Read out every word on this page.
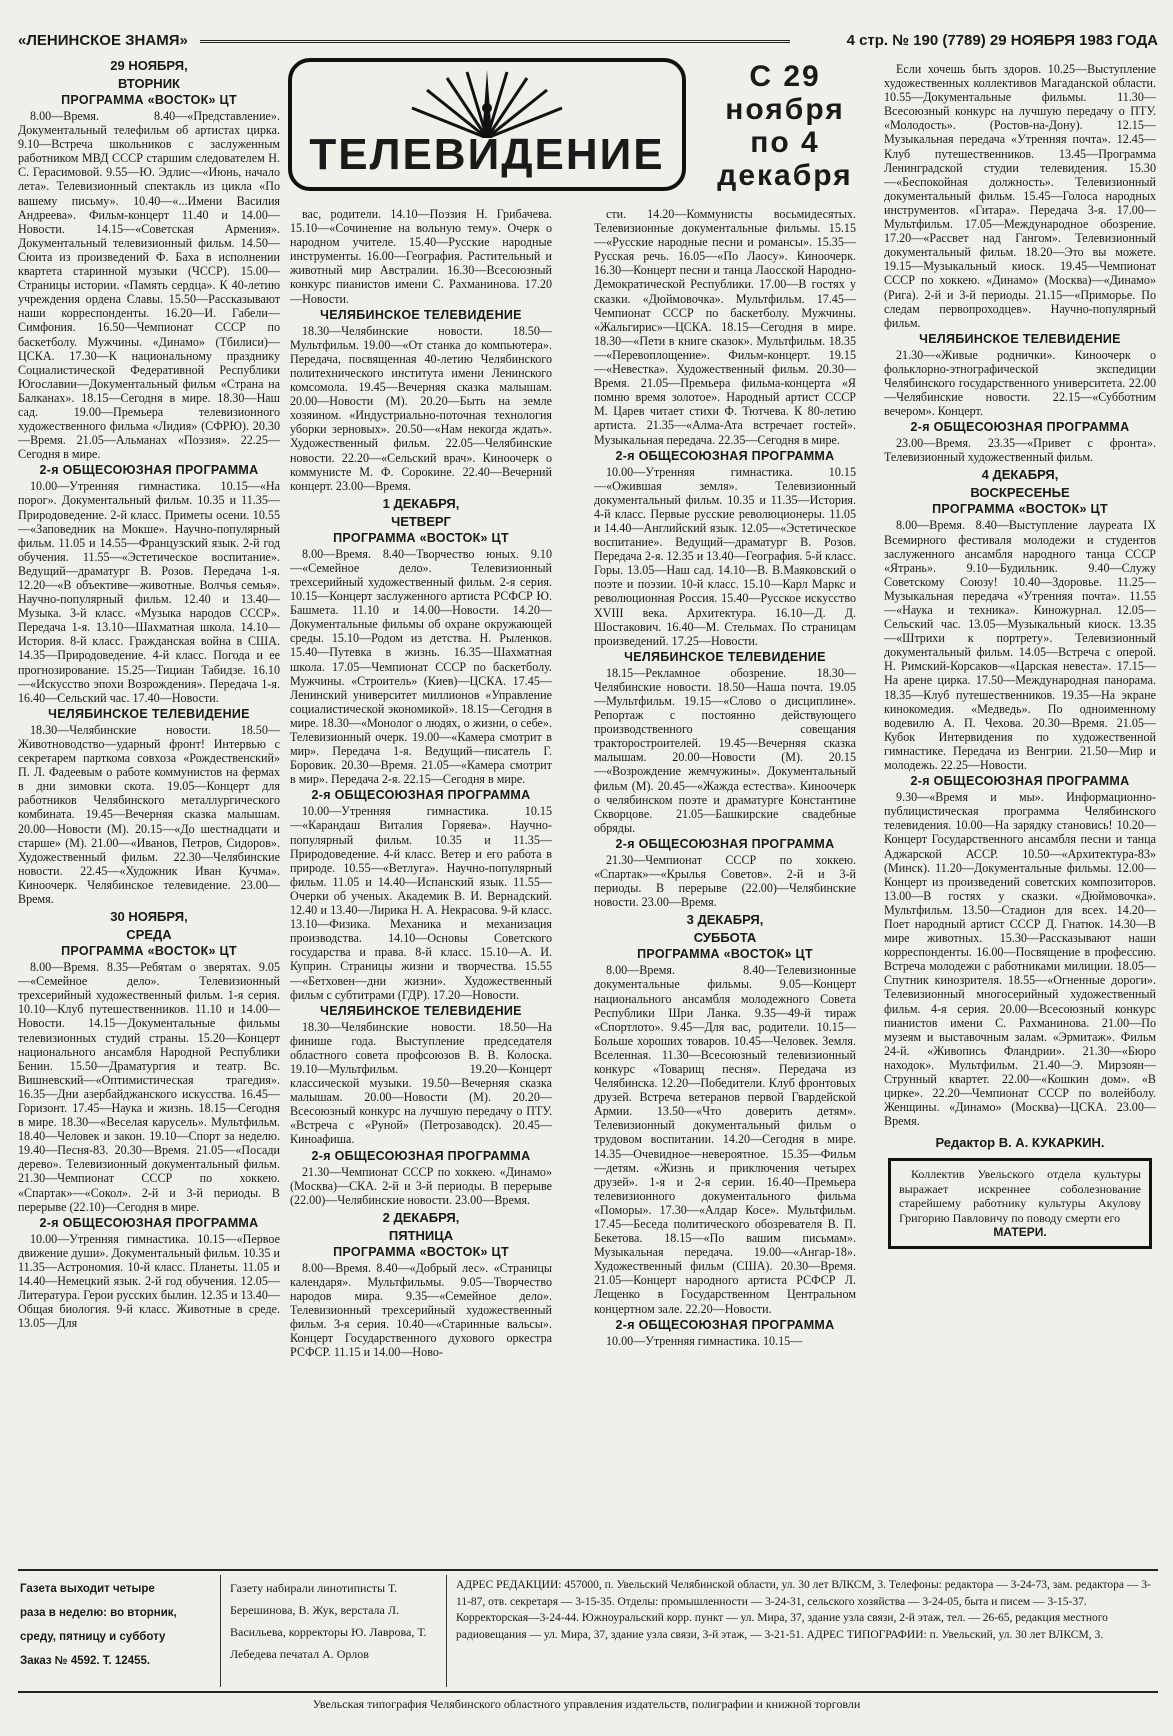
«ЛЕНИНСКОЕ ЗНАМЯ»	4 стр. № 190 (7789) 29 НОЯБРЯ 1983 ГОДА
ТЕЛЕВИДЕНИЕ
С 29
ноября
по 4
декабря
29 НОЯБРЯ,
ВТОРНИК
ПРОГРАММА «ВОСТОК» ЦТ

8.00—Время. 8.40—«Представление». Документальный телефильм об артистах цирка. 9.10—Встреча школьников с заслуженным работником МВД СССР старшим следователем Н. С. Герасимовой. 9.55—Ю. Эдлис—«Июнь, начало лета». Телевизионный спектакль из цикла «По вашему письму». 10.40—«...Имени Василия Андреева». Фильм-концерт 11.40 и 14.00—Новости. 14.15—«Советская Армения». Документальный телевизионный фильм. 14.50—Сюита из произведений Ф. Баха в исполнении квартета старинной музыки (ЧССР). 15.00—Страницы истории. «Память сердца». К 40-летию учреждения ордена Славы. 15.50—Рассказывают наши корреспонденты. 16.20—И. Габели—Симфония. 16.50—Чемпионат СССР по баскетболу. Мужчины. «Динамо» (Тбилиси)—ЦСКА. 17.30—К национальному празднику Социалистической Федеративной Республики Югославии—Документальный фильм «Страна на Балканах». 18.15—Сегодня в мире. 18.30—Наш сад. 19.00—Премьера телевизионного художественного фильма «Лидия» (СФРЮ). 20.30—Время. 21.05—Альманах «Поэзия». 22.25—Сегодня в мире.

2-я ОБЩЕСОЮЗНАЯ ПРОГРАММА

10.00—Утренняя гимнастика. 10.15—«На порог». Документальный фильм. 10.35 и 11.35—Природоведение. 2-й класс. Приметы осени. 10.55—«Заповедник на Мокше». Научно-популярный фильм. 11.05 и 14.55—Французский язык. 2-й год обучения. 11.55—«Эстетическое воспитание». Ведущий—драматург В. Розов. Передача 1-я. 12.20—«В объективе—животные. Волчья семья». Научно-популярный фильм. 12.40 и 13.40—Музыка. 3-й класс. «Музыка народов СССР». Передача 1-я. 13.10—Шахматная школа. 14.10—История. 8-й класс. Гражданская война в США. 14.35—Природоведение. 4-й класс. Погода и ее прогнозирование. 15.25—Тициан Табидзе. 16.10—«Искусство эпохи Возрождения». Передача 1-я. 16.40—Сельский час. 17.40—Новости.

ЧЕЛЯБИНСКОЕ ТЕЛЕВИДЕНИЕ

18.30—Челябинские новости. 18.50—Животноводство—ударный фронт! Интервью с секретарем парткома совхоза «Рождественский» П. Л. Фадеевым о работе коммунистов на фермах в дни зимовки скота. 19.05—Концерт для работников Челябинского металлургического комбината. 19.45—Вечерняя сказка малышам. 20.00—Новости (М). 20.15—«До шестнадцати и старше» (М). 21.00—«Иванов, Петров, Сидоров». Художественный фильм. 22.30—Челябинские новости. 22.45—«Художник Иван Кучма». Киноочерк. Челябинское телевидение. 23.00—Время.

30 НОЯБРЯ,
СРЕДА
ПРОГРАММА «ВОСТОК» ЦТ

8.00—Время. 8.35—Ребятам о зверятах. 9.05—«Семейное дело». Телевизионный трехсерийный художественный фильм. 1-я серия. 10.10—Клуб путешественников. 11.10 и 14.00—Новости. 14.15—Документальные фильмы телевизионных студий страны. 15.20—Концерт национального ансамбля Народной Республики Бенин. 15.50—Драматургия и театр. Вс. Вишневский—«Оптимистическая трагедия». 16.35—Дни азербайджанского искусства. 16.45—Горизонт. 17.45—Наука и жизнь. 18.15—Сегодня в мире. 18.30—«Веселая карусель». Мультфильм. 18.40—Человек и закон. 19.10—Спорт за неделю. 19.40—Песня-83. 20.30—Время. 21.05—«Посади дерево». Телевизионный документальный фильм. 21.30—Чемпионат СССР по хоккею. «Спартак»—«Сокол». 2-й и 3-й периоды. В перерыве (22.10)—Сегодня в мире.

2-я ОБЩЕСОЮЗНАЯ ПРОГРАММА

10.00—Утренняя гимнастика. 10.15—«Первое движение души». Документальный фильм. 10.35 и 11.35—Астрономия. 10-й класс. Планеты. 11.05 и 14.40—Немецкий язык. 2-й год обучения. 12.05—Литература. Герои русских былин. 12.35 и 13.40—Общая биология. 9-й класс. Животные в среде. 13.05—Для

вас, родители. 14.10—Поэзия Н. Грибачева. 15.10—«Сочинение на вольную тему». Очерк о народном учителе. 15.40—Русские народные инструменты. 16.00—География. Растительный и животный мир Австралии. 16.30—Всесоюзный конкурс пианистов имени С. Рахманинова. 17.20—Новости.

ЧЕЛЯБИНСКОЕ ТЕЛЕВИДЕНИЕ

18.30—Челябинские новости. 18.50—Мультфильм. 19.00—«От станка до компьютера». Передача, посвященная 40-летию Челябинского политехнического института имени Ленинского комсомола. 19.45—Вечерняя сказка малышам. 20.00—Новости (М). 20.20—Быть на земле хозяином. «Индустриально-поточная технология уборки зерновых». 20.50—«Нам некогда ждать». Художественный фильм. 22.05—Челябинские новости. 22.20—«Сельский врач». Киноочерк о коммунисте М. Ф. Сорокине. 22.40—Вечерний концерт. 23.00—Время.

1 ДЕКАБРЯ,
ЧЕТВЕРГ
ПРОГРАММА «ВОСТОК» ЦТ

8.00—Время. 8.40—Творчество юных. 9.10—«Семейное дело». Телевизионный трехсерийный художественный фильм. 2-я серия. 10.15—Концерт заслуженного артиста РСФСР Ю. Башмета. 11.10 и 14.00—Новости. 14.20—Документальные фильмы об охране окружающей среды. 15.10—Родом из детства. Н. Рыленков. 15.40—Путевка в жизнь. 16.35—Шахматная школа. 17.05—Чемпионат СССР по баскетболу. Мужчины. «Строитель» (Киев)—ЦСКА. 17.45—Ленинский университет миллионов «Управление социалистической экономикой». 18.15—Сегодня в мире. 18.30—«Монолог о людях, о жизни, о себе». Телевизионный очерк. 19.00—«Камера смотрит в мир». Передача 1-я. Ведущий—писатель Г. Боровик. 20.30—Время. 21.05—«Камера смотрит в мир». Передача 2-я. 22.15—Сегодня в мире.

2-я ОБЩЕСОЮЗНАЯ ПРОГРАММА

10.00—Утренняя гимнастика. 10.15—«Карандаш Виталия Горяева». Научно-популярный фильм. 10.35 и 11.35—Природоведение. 4-й класс. Ветер и его работа в природе. 10.55—«Ветлуга». Научно-популярный фильм. 11.05 и 14.40—Испанский язык. 11.55—Очерки об ученых. Академик В. И. Вернадский. 12.40 и 13.40—Лирика Н. А. Некрасова. 9-й класс. 13.10—Физика. Механика и механизация производства. 14.10—Основы Советского государства и права. 8-й класс. 15.10—А. И. Куприн. Страницы жизни и творчества. 15.55—«Бетховен—дни жизни». Художественный фильм с субтитрами (ГДР). 17.20—Новости.

ЧЕЛЯБИНСКОЕ ТЕЛЕВИДЕНИЕ

18.30—Челябинские новости. 18.50—На финише года. Выступление председателя областного совета профсоюзов В. В. Колоска. 19.10—Мультфильм. 19.20—Концерт классической музыки. 19.50—Вечерняя сказка малышам. 20.00—Новости (М). 20.20—Всесоюзный конкурс на лучшую передачу о ПТУ. «Встреча с «Руной» (Петрозаводск). 20.45—Киноафиша.

2-я ОБЩЕСОЮЗНАЯ ПРОГРАММА

21.30—Чемпионат СССР по хоккею. «Динамо» (Москва)—СКА. 2-й и 3-й периоды. В перерыве (22.00)—Челябинские новости. 23.00—Время.

2 ДЕКАБРЯ,
ПЯТНИЦА
ПРОГРАММА «ВОСТОК» ЦТ

8.00—Время. 8.40—«Добрый лес». «Страницы календаря». Мультфильмы. 9.05—Творчество народов мира. 9.35—«Семейное дело». Телевизионный трехсерийный художественный фильм. 3-я серия. 10.40—«Старинные вальсы». Концерт Государственного духового оркестра РСФСР. 11.15 и 14.00—Ново-

сти. 14.20—Коммунисты восьмидесятых. Телевизионные документальные фильмы. 15.15—«Русские народные песни и романсы». 15.35—Русская речь. 16.05—«По Лаосу». Киноочерк. 16.30—Концерт песни и танца Лаосской Народно-Демократической Республики. 17.00—В гостях у сказки. «Дюймовочка». Мультфильм. 17.45—Чемпионат СССР по баскетболу. Мужчины. «Жальгирис»—ЦСКА. 18.15—Сегодня в мире. 18.30—«Пети в книге сказок». Мультфильм. 18.35—«Перевоплощение». Фильм-концерт. 19.15—«Невестка». Художественный фильм. 20.30—Время. 21.05—Премьера фильма-концерта «Я помню время золотое». Народный артист СССР М. Царев читает стихи Ф. Тютчева. К 80-летию артиста. 21.35—«Алма-Ата встречает гостей». Музыкальная передача. 22.35—Сегодня в мире.

2-я ОБЩЕСОЮЗНАЯ ПРОГРАММА

10.00—Утренняя гимнастика. 10.15—«Ожившая земля». Телевизионный документальный фильм. 10.35 и 11.35—История. 4-й класс. Первые русские революционеры. 11.05 и 14.40—Английский язык. 12.05—«Эстетическое воспитание». Ведущий—драматург В. Розов. Передача 2-я. 12.35 и 13.40—География. 5-й класс. Горы. 13.05—Наш сад. 14.10—В. В.Маяковский о поэте и поэзии. 10-й класс. 15.10—Карл Маркс и революционная Россия. 15.40—Русское искусство XVIII века. Архитектура. 16.10—Д. Д. Шостакович. 16.40—М. Стельмах. По страницам произведений. 17.25—Новости.

ЧЕЛЯБИНСКОЕ ТЕЛЕВИДЕНИЕ

18.15—Рекламное обозрение. 18.30—Челябинские новости. 18.50—Наша почта. 19.05—Мультфильм. 19.15—«Слово о дисциплине». Репортаж с постоянно действующего производственного совещания тракторостроителей. 19.45—Вечерняя сказка малышам. 20.00—Новости (М). 20.15—«Возрождение жемчужины». Документальный фильм (М). 20.45—«Жажда естества». Киноочерк о челябинском поэте и драматурге Константине Скворцове. 21.05—Башкирские свадебные обряды.

2-я ОБЩЕСОЮЗНАЯ ПРОГРАММА

21.30—Чемпионат СССР по хоккею. «Спартак»—«Крылья Советов». 2-й и 3-й периоды. В перерыве (22.00)—Челябинские новости. 23.00—Время.

3 ДЕКАБРЯ,
СУББОТА
ПРОГРАММА «ВОСТОК» ЦТ

8.00—Время. 8.40—Телевизионные документальные фильмы. 9.05—Концерт национального ансамбля молодежного Совета Республики Шри Ланка. 9.35—49-й тираж «Спортлото». 9.45—Для вас, родители. 10.15—Больше хороших товаров. 10.45—Человек. Земля. Вселенная. 11.30—Всесоюзный телевизионный конкурс «Товарищ песня». Передача из Челябинска. 12.20—Победители. Клуб фронтовых друзей. Встреча ветеранов первой Гвардейской Армии. 13.50—«Что доверить детям». Телевизионный документальный фильм о трудовом воспитании. 14.20—Сегодня в мире. 14.35—Очевидное—невероятное. 15.35—Фильм—детям. «Жизнь и приключения четырех друзей». 1-я и 2-я серии. 16.40—Премьера телевизионного документального фильма «Поморы». 17.30—«Алдар Косе». Мультфильм. 17.45—Беседа политического обозревателя В. П. Бекетова. 18.15—«По вашим письмам». Музыкальная передача. 19.00—«Ангар-18». Художественный фильм (США). 20.30—Время. 21.05—Концерт народного артиста РСФСР Л. Лещенко в Государственном Центральном концертном зале. 22.20—Новости.

2-я ОБЩЕСОЮЗНАЯ ПРОГРАММА

10.00—Утренняя гимнастика. 10.15—

Если хочешь быть здоров. 10.25—Выступление художественных коллективов Магаданской области. 10.55—Документальные фильмы. 11.30—Всесоюзный конкурс на лучшую передачу о ПТУ. «Молодость». (Ростов-на-Дону). 12.15—Музыкальная передача «Утренняя почта». 12.45—Клуб путешественников. 13.45—Программа Ленинградской студии телевидения. 15.30—«Беспокойная должность». Телевизионный документальный фильм. 15.45—Голоса народных инструментов. «Гитара». Передача 3-я. 17.00—Мультфильм. 17.05—Международное обозрение. 17.20—«Рассвет над Гангом». Телевизионный документальный фильм. 18.20—Это вы можете. 19.15—Музыкальный киоск. 19.45—Чемпионат СССР по хоккею. «Динамо» (Москва)—«Динамо» (Рига). 2-й и 3-й периоды. 21.15—«Приморье. По следам первопроходцев». Научно-популярный фильм.

ЧЕЛЯБИНСКОЕ ТЕЛЕВИДЕНИЕ

21.30—«Живые роднички». Киноочерк о фольклорно-этнографической экспедиции Челябинского государственного университета. 22.00—Челябинские новости. 22.15—«Субботним вечером». Концерт.

2-я ОБЩЕСОЮЗНАЯ ПРОГРАММА

23.00—Время. 23.35—«Привет с фронта». Телевизионный художественный фильм.

4 ДЕКАБРЯ,
ВОСКРЕСЕНЬЕ
ПРОГРАММА «ВОСТОК» ЦТ

8.00—Время. 8.40—Выступление лауреата IX Всемирного фестиваля молодежи и студентов заслуженного ансамбля народного танца СССР «Ятрань». 9.10—Будильник. 9.40—Служу Советскому Союзу! 10.40—Здоровье. 11.25—Музыкальная передача «Утренняя почта». 11.55—«Наука и техника». Киножурнал. 12.05—Сельский час. 13.05—Музыкальный киоск. 13.35—«Штрихи к портрету». Телевизионный документальный фильм. 14.05—Встреча с оперой. Н. Римский-Корсаков—«Царская невеста». 17.15—На арене цирка. 17.50—Международная панорама. 18.35—Клуб путешественников. 19.35—На экране кинокомедия. «Медведь». По одноименному водевилю А. П. Чехова. 20.30—Время. 21.05—Кубок Интервидения по художественной гимнастике. Передача из Венгрии. 21.50—Мир и молодежь. 22.25—Новости.

2-я ОБЩЕСОЮЗНАЯ ПРОГРАММА

9.30—«Время и мы». Информационно-публицистическая программа Челябинского телевидения. 10.00—На зарядку становись! 10.20—Концерт Государственного ансамбля песни и танца Аджарской АССР. 10.50—«Архитектура-83» (Минск). 11.20—Документальные фильмы. 12.00—Концерт из произведений советских композиторов. 13.00—В гостях у сказки. «Дюймовочка». Мультфильм. 13.50—Стадион для всех. 14.20—Поет народный артист СССР Д. Гнатюк. 14.30—В мире животных. 15.30—Рассказывают наши корреспонденты. 16.00—Посвящение в профессию. Встреча молодежи с работниками милиции. 18.05—Спутник кинозрителя. 18.55—«Огненные дороги». Телевизионный многосерийный художественный фильм. 4-я серия. 20.00—Всесоюзный конкурс пианистов имени С. Рахманинова. 21.00—По музеям и выставочным залам. «Эрмитаж». Фильм 24-й. «Живопись Фландрии». 21.30—«Бюро находок». Мультфильм. 21.40—Э. Мирзоян—Струнный квартет. 22.00—«Кошкин дом». «В цирке». 22.20—Чемпионат СССР по волейболу. Женщины. «Динамо» (Москва)—ЦСКА. 23.00—Время.

Редактор В. А. КУКАРКИН.
Коллектив Увельского отдела культуры выражает искреннее соболезнование старейшему работнику культуры Акулову Григорию Павловичу по поводу смерти его
МАТЕРИ.

Газета выходит четыре

раза в неделю: во вторник,

среду, пятницу и субботу

Заказ № 4592. Т. 12455.

Газету набирали линотиписты Т. Берешинова, В. Жук, верстала Л. Васильева, корректоры Ю. Лаврова, Т. Лебедева печатал А. Орлов

АДРЕС РЕДАКЦИИ: 457000, п. Увельский Челябинской области, ул. 30 лет ВЛКСМ, 3. Телефоны: редактора — 3-24-73, зам. редактора — 3-11-87, отв. секретаря — 3-15-35. Отделы: промышленности — 3-24-31, сельского хозяйства — 3-24-05, быта и писем — 3-15-37. Корректорская—3-24-44. Южноуральский корр. пункт — ул. Мира, 37, здание узла связи, 2-й этаж, тел. — 26-65, редакция местного радиовещания — ул. Мира, 37, здание узла связи, 3-й этаж, — 3-21-51. АДРЕС ТИПОГРАФИИ: п. Увельский, ул. 30 лет ВЛКСМ, 3.

Увельская типография Челябинского областного управления издательств, полиграфии и книжной торговли
